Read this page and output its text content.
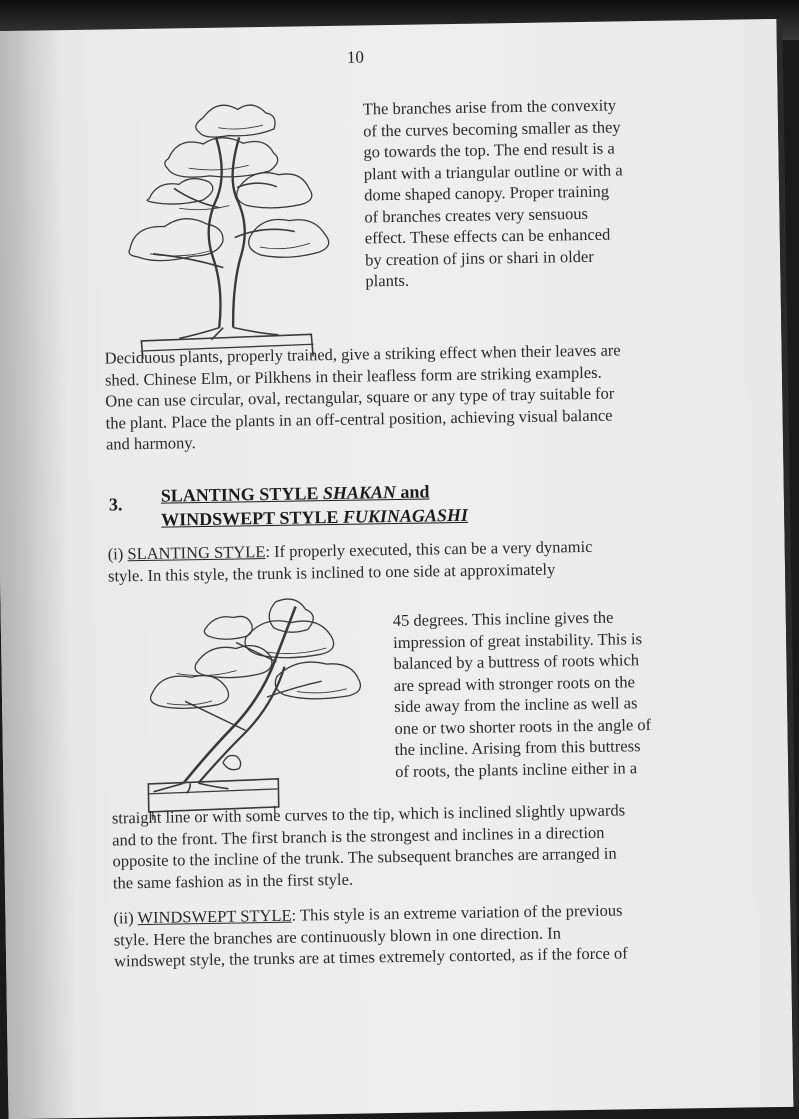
10
The branches arise from the convexity
of the curves becoming smaller as they
go towards the top. The end result is a
plant with a triangular outline or with a
dome shaped canopy. Proper training
of branches creates very sensuous
effect. These effects can be enhanced
by creation of jins or shari in older
plants.
Deciduous plants, properly trained, give a striking effect when their leaves are
shed. Chinese Elm, or Pilkhens in their leafless form are striking examples.
One can use circular, oval, rectangular, square or any type of tray suitable for
the plant. Place the plants in an off-central position, achieving visual balance
and harmony.
3. SLANTING STYLE SHAKAN and
WINDSWEPT STYLE FUKINAGASHI
(i) SLANTING STYLE: If properly executed, this can be a very dynamic
style. In this style, the trunk is inclined to one side at approximately
45 degrees. This incline gives the
impression of great instability. This is
balanced by a buttress of roots which
are spread with stronger roots on the
side away from the incline as well as
one or two shorter roots in the angle of
the incline. Arising from this buttress
of roots, the plants incline either in a
straight line or with some curves to the tip, which is inclined slightly upwards
and to the front. The first branch is the strongest and inclines in a direction
opposite to the incline of the trunk. The subsequent branches are arranged in
the same fashion as in the first style.
(ii) WINDSWEPT STYLE: This style is an extreme variation of the previous
style. Here the branches are continuously blown in one direction. In
windswept style, the trunks are at times extremely contorted, as if the force of
